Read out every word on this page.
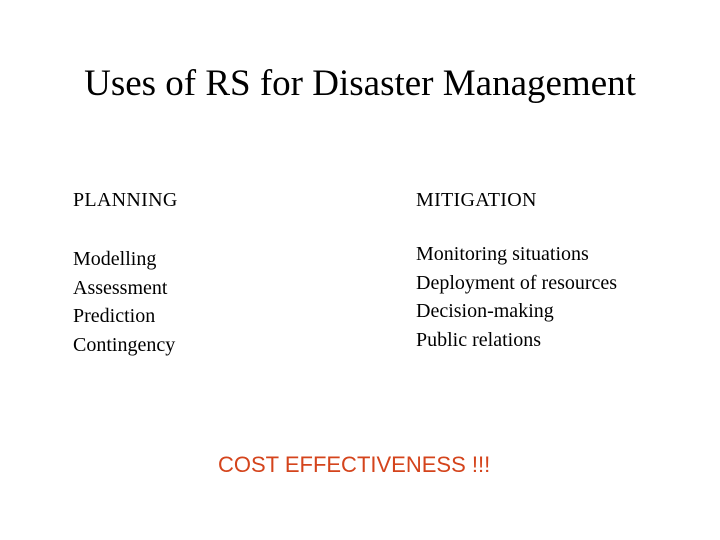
Uses of RS for Disaster Management
PLANNING	MITIGATION
Modelling
Assessment
Prediction
Contingency
Monitoring situations
Deployment of resources
Decision-making
Public relations
COST EFFECTIVENESS !!!
